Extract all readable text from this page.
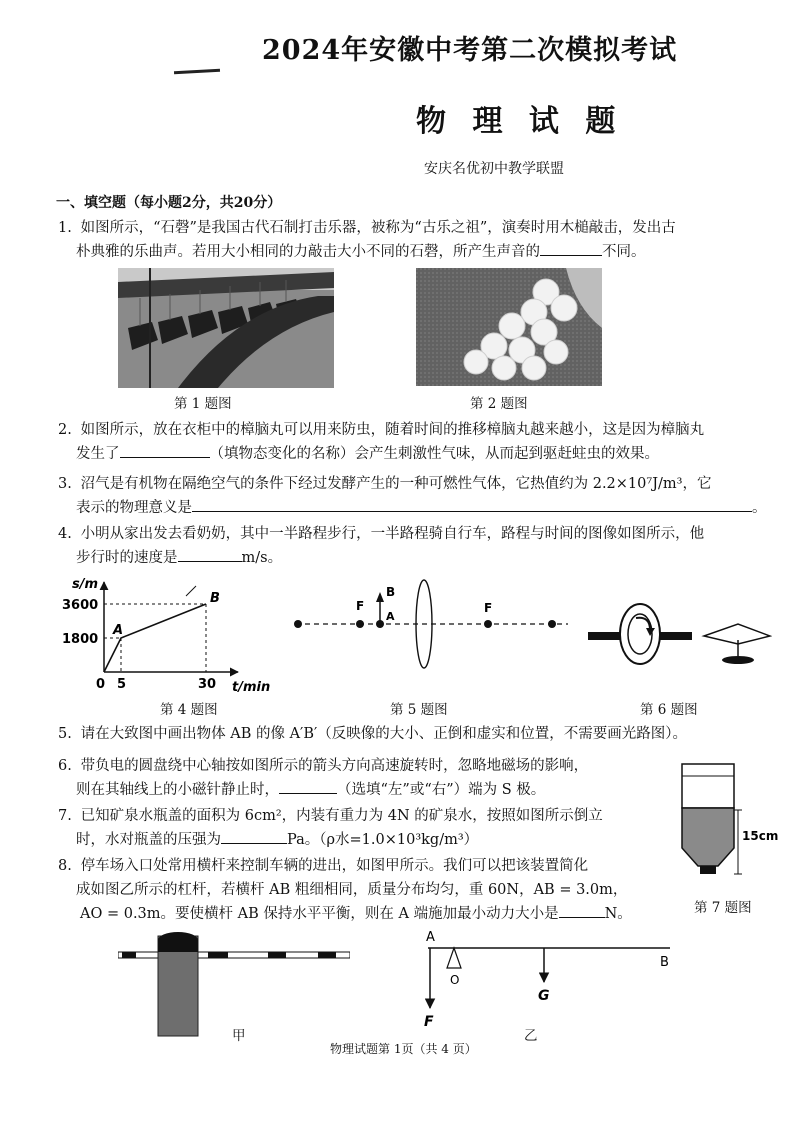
2024年安徽中考第二次模拟考试
物 理 试 题
安庆名优初中教学联盟
一、填空题（每小题2分，共20分）
1. 如图所示，“石磬”是我国古代石制打击乐器，被称为“古乐之祖”，演奏时用木槌敲击，发出古
朴典雅的乐曲声。若用大小相同的力敲击大小不同的石磬，所产生声音的	不同。
第 1 题图	第 2 题图
2. 如图所示，放在衣柜中的樟脑丸可以用来防虫，随着时间的推移樟脑丸越来越小，这是因为樟脑丸
发生了	（填物态变化的名称）会产生刺激性气味，从而起到驱赶蛀虫的效果。
3. 沼气是有机物在隔绝空气的条件下经过发酵产生的一种可燃性气体，它热值约为 2.2×10⁷J/m³，它
表示的物理意义是	。
4. 小明从家出发去看奶奶，其中一半路程步行，一半路程骑自行车，路程与时间的图像如图所示，他
步行时的速度是	m/s。
s/m
t/min
3600
1800
0 5	30
A
B
第 4 题图
F	F
B
A
第 5 题图	第 6 题图
5. 请在大致图中画出物体 AB 的像 A′B′（反映像的大小、正倒和虚实和位置，不需要画光路图）。
6. 带负电的圆盘绕中心轴按如图所示的箭头方向高速旋转时，忽略地磁场的影响，
则在其轴线上的小磁针静止时，	（选填“左”或“右”）端为 S 极。
7. 已知矿泉水瓶盖的面积为 6cm²，内装有重力为 4N 的矿泉水，按照如图所示倒立
时，水对瓶盖的压强为	Pa。（ρ水=1.0×10³kg/m³）	15cm
第 7 题图
8. 停车场入口处常用横杆来控制车辆的进出，如图甲所示。我们可以把该装置简化
成如图乙所示的杠杆，若横杆 AB 粗细相同，质量分布均匀，重 60N，AB = 3.0m，
AO = 0.3m。要使横杆 AB 保持水平平衡，则在 A 端施加最小动力大小是	N。
甲
A
B
O
F
G
乙
物理试题第 1页（共 4 页）
